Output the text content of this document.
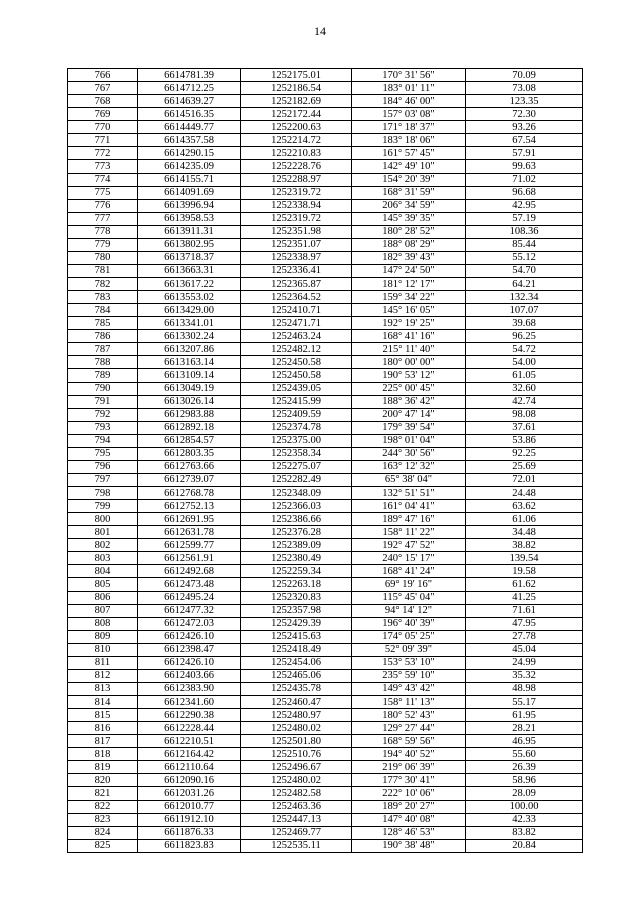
14
766	6614781.39	1252175.01	170° 31' 56"	70.09
767	6614712.25	1252186.54	183° 01' 11"	73.08
768	6614639.27	1252182.69	184° 46' 00"	123.35
769	6614516.35	1252172.44	157° 03' 08"	72.30
770	6614449.77	1252200.63	171° 18' 37"	93.26
771	6614357.58	1252214.72	183° 18' 06"	67.54
772	6614290.15	1252210.83	161° 57' 45"	57.91
773	6614235.09	1252228.76	142° 49' 10"	99.63
774	6614155.71	1252288.97	154° 20' 39"	71.02
775	6614091.69	1252319.72	168° 31' 59"	96.68
776	6613996.94	1252338.94	206° 34' 59"	42.95
777	6613958.53	1252319.72	145° 39' 35"	57.19
778	6613911.31	1252351.98	180° 28' 52"	108.36
779	6613802.95	1252351.07	188° 08' 29"	85.44
780	6613718.37	1252338.97	182° 39' 43"	55.12
781	6613663.31	1252336.41	147° 24' 50"	54.70
782	6613617.22	1252365.87	181° 12' 17"	64.21
783	6613553.02	1252364.52	159° 34' 22"	132.34
784	6613429.00	1252410.71	145° 16' 05"	107.07
785	6613341.01	1252471.71	192° 19' 25"	39.68
786	6613302.24	1252463.24	168° 41' 16"	96.25
787	6613207.86	1252482.12	215° 11' 40"	54.72
788	6613163.14	1252450.58	180° 00' 00"	54.00
789	6613109.14	1252450.58	190° 53' 12"	61.05
790	6613049.19	1252439.05	225° 00' 45"	32.60
791	6613026.14	1252415.99	188° 36' 42"	42.74
792	6612983.88	1252409.59	200° 47' 14"	98.08
793	6612892.18	1252374.78	179° 39' 54"	37.61
794	6612854.57	1252375.00	198° 01' 04"	53.86
795	6612803.35	1252358.34	244° 30' 56"	92.25
796	6612763.66	1252275.07	163° 12' 32"	25.69
797	6612739.07	1252282.49	65° 38' 04"	72.01
798	6612768.78	1252348.09	132° 51' 51"	24.48
799	6612752.13	1252366.03	161° 04' 41"	63.62
800	6612691.95	1252386.66	189° 47' 16"	61.06
801	6612631.78	1252376.28	158° 11' 22"	34.48
802	6612599.77	1252389.09	192° 47' 52"	38.82
803	6612561.91	1252380.49	240° 15' 17"	139.54
804	6612492.68	1252259.34	168° 41' 24"	19.58
805	6612473.48	1252263.18	69° 19' 16"	61.62
806	6612495.24	1252320.83	115° 45' 04"	41.25
807	6612477.32	1252357.98	94° 14' 12"	71.61
808	6612472.03	1252429.39	196° 40' 39"	47.95
809	6612426.10	1252415.63	174° 05' 25"	27.78
810	6612398.47	1252418.49	52° 09' 39"	45.04
811	6612426.10	1252454.06	153° 53' 10"	24.99
812	6612403.66	1252465.06	235° 59' 10"	35.32
813	6612383.90	1252435.78	149° 43' 42"	48.98
814	6612341.60	1252460.47	158° 11' 13"	55.17
815	6612290.38	1252480.97	180° 52' 43"	61.95
816	6612228.44	1252480.02	129° 27' 44"	28.21
817	6612210.51	1252501.80	168° 59' 56"	46.95
818	6612164.42	1252510.76	194° 40' 52"	55.60
819	6612110.64	1252496.67	219° 06' 39"	26.39
820	6612090.16	1252480.02	177° 30' 41"	58.96
821	6612031.26	1252482.58	222° 10' 06"	28.09
822	6612010.77	1252463.36	189° 20' 27"	100.00
823	6611912.10	1252447.13	147° 40' 08"	42.33
824	6611876.33	1252469.77	128° 46' 53"	83.82
825	6611823.83	1252535.11	190° 38' 48"	20.84
